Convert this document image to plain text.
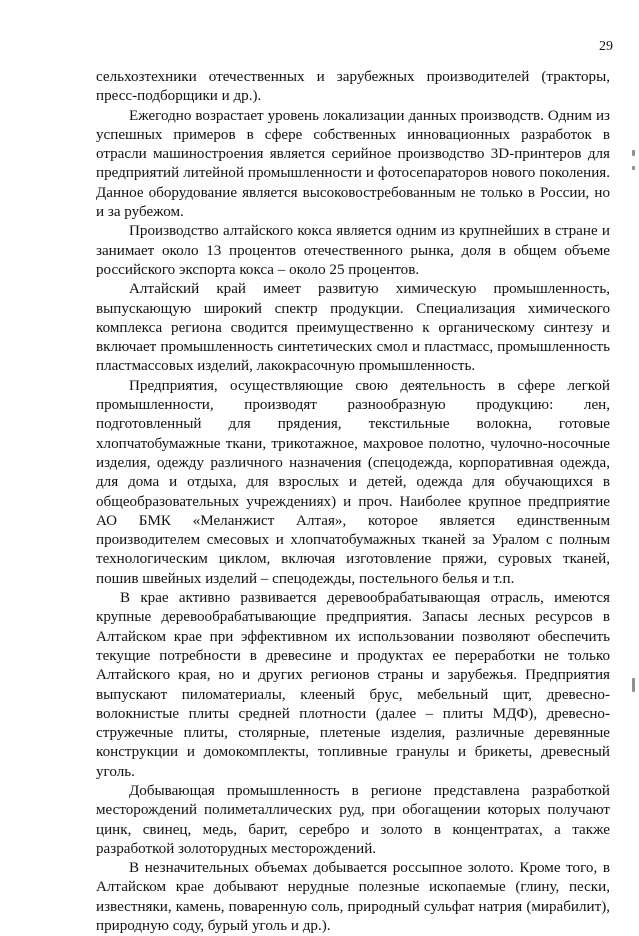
29

сельхозтехники отечественных и зарубежных производителей (тракторы, пресс-подборщики и др.).

Ежегодно возрастает уровень локализации данных производств. Одним из успешных примеров в сфере собственных инновационных разработок в отрасли машиностроения является серийное производство 3D-принтеров для предприятий литейной промышленности и фотосепараторов нового поколения. Данное оборудование является высоковостребованным не только в России, но и за рубежом.

Производство алтайского кокса является одним из крупнейших в стране и занимает около 13 процентов отечественного рынка, доля в общем объеме российского экспорта кокса – около 25 процентов.

Алтайский край имеет развитую химическую промышленность, выпускающую широкий спектр продукции. Специализация химического комплекса региона сводится преимущественно к органическому синтезу и включает промышленность синтетических смол и пластмасс, промышленность пластмассовых изделий, лакокрасочную промышленность.

Предприятия, осуществляющие свою деятельность в сфере легкой промышленности, производят разнообразную продукцию: лен, подготовленный для прядения, текстильные волокна, готовые хлопчатобумажные ткани, трикотажное, махровое полотно, чулочно-носочные изделия, одежду различного назначения (спецодежда, корпоративная одежда, для дома и отдыха, для взрослых и детей, одежда для обучающихся в общеобразовательных учреждениях) и проч. Наиболее крупное предприятие АО БМК «Меланжист Алтая», которое является единственным производителем смесовых и хлопчатобумажных тканей за Уралом с полным технологическим циклом, включая изготовление пряжи, суровых тканей, пошив швейных изделий – спецодежды, постельного белья и т.п.

В крае активно развивается деревообрабатывающая отрасль, имеются крупные деревообрабатывающие предприятия. Запасы лесных ресурсов в Алтайском крае при эффективном их использовании позволяют обеспечить текущие потребности в древесине и продуктах ее переработки не только Алтайского края, но и других регионов страны и зарубежья. Предприятия выпускают пиломатериалы, клееный брус, мебельный щит, древесно-волокнистые плиты средней плотности (далее – плиты МДФ), древесно-стружечные плиты, столярные, плетеные изделия, различные деревянные конструкции и домокомплекты, топливные гранулы и брикеты, древесный уголь.

Добывающая промышленность в регионе представлена разработкой месторождений полиметаллических руд, при обогащении которых получают цинк, свинец, медь, барит, серебро и золото в концентратах, а также разработкой золоторудных месторождений.

В незначительных объемах добывается россыпное золото. Кроме того, в Алтайском крае добывают нерудные полезные ископаемые (глину, пески, известняки, камень, поваренную соль, природный сульфат натрия (мирабилит), природную соду, бурый уголь и др.).
